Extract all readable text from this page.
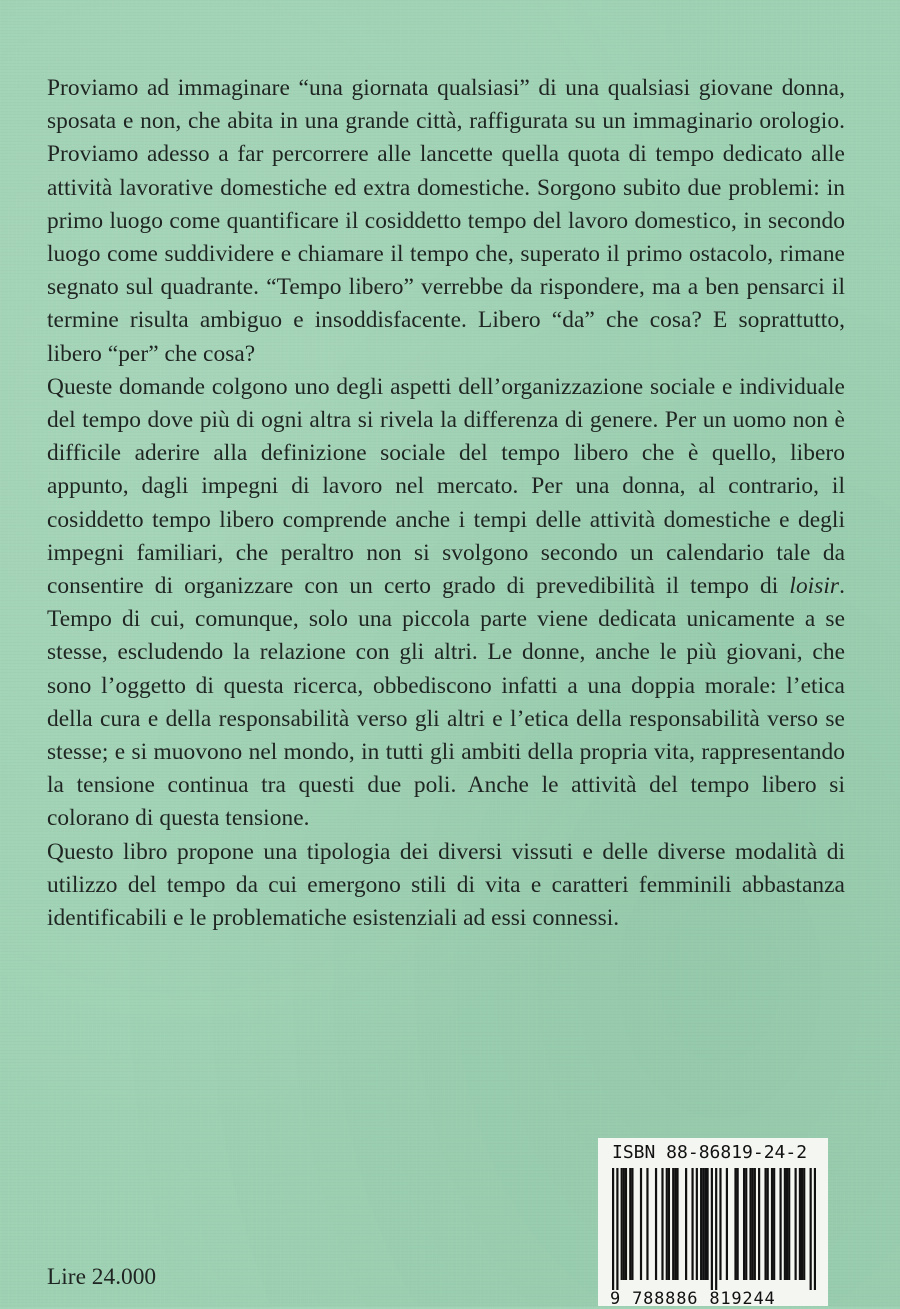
Proviamo ad immaginare “una giornata qualsiasi” di una qualsiasi giovane donna, sposata e non, che abita in una grande città, raffigurata su un immaginario orologio. Proviamo adesso a far percorrere alle lancette quella quota di tempo dedicato alle attività lavorative domestiche ed extra domestiche. Sorgono subito due problemi: in primo luogo come quantificare il cosiddetto tempo del lavoro domestico, in secondo luogo come suddividere e chiamare il tempo che, superato il primo ostacolo, rimane segnato sul quadrante. “Tempo libero” verrebbe da rispondere, ma a ben pensarci il termine risulta ambiguo e insoddisfacente. Libero “da” che cosa? E soprattutto, libero “per” che cosa?

Queste domande colgono uno degli aspetti dell’organizzazione sociale e individuale del tempo dove più di ogni altra si rivela la differenza di genere. Per un uomo non è difficile aderire alla definizione sociale del tempo libero che è quello, libero appunto, dagli impegni di lavoro nel mercato. Per una donna, al contrario, il cosiddetto tempo libero comprende anche i tempi delle attività domestiche e degli impegni familiari, che peraltro non si svolgono secondo un calendario tale da consentire di organizzare con un certo grado di prevedibilità il tempo di loisir. Tempo di cui, comunque, solo una piccola parte viene dedicata unicamente a se stesse, escludendo la relazione con gli altri. Le donne, anche le più giovani, che sono l’oggetto di questa ricerca, obbediscono infatti a una doppia morale: l’etica della cura e della responsabilità verso gli altri e l’etica della responsabilità verso se stesse; e si muovono nel mondo, in tutti gli ambiti della propria vita, rappresentando la tensione continua tra questi due poli. Anche le attività del tempo libero si colorano di questa tensione.

Questo libro propone una tipologia dei diversi vissuti e delle diverse modalità di utilizzo del tempo da cui emergono stili di vita e caratteri femminili abbastanza identificabili e le problematiche esistenziali ad essi connessi.

Lire 24.000
ISBN 88-86819-24-2
9 788886 819244
